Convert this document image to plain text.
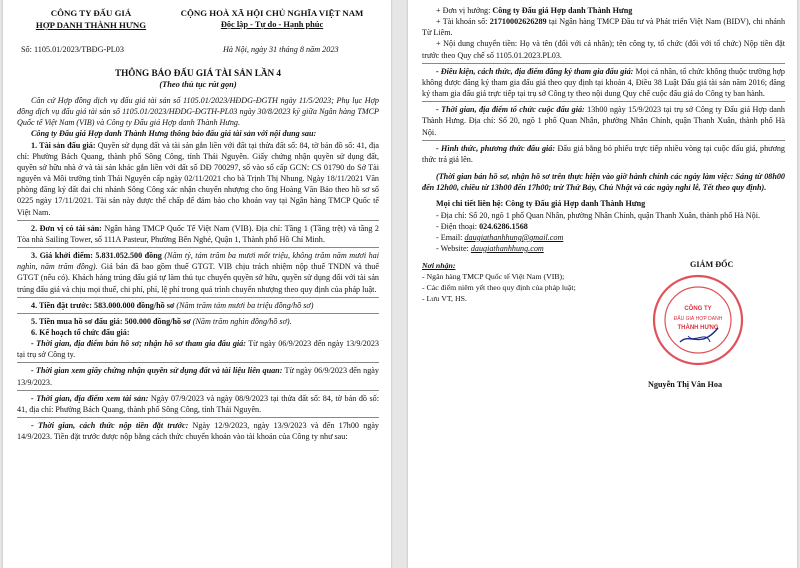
CÔNG TY ĐẤU GIÁ
HỢP DANH THÀNH HƯNG
CỘNG HOÀ XÃ HỘI CHỦ NGHĨA VIỆT NAM
Độc lập - Tự do - Hạnh phúc
Số: 1105.01/2023/TBĐG-PL03	Hà Nội, ngày 31 tháng 8 năm 2023
THÔNG BÁO ĐẤU GIÁ TÀI SẢN LẦN 4
(Theo thủ tục rút gọn)

Căn cứ Hợp đồng dịch vụ đấu giá tài sản số 1105.01/2023/HĐDG-ĐGTH ngày 11/5/2023; Phụ lục Hợp đồng dịch vụ đấu giá tài sản số 1105.01/2023/HĐDG-ĐGTH-PL03 ngày 30/8/2023 ký giữa Ngân hàng TMCP Quốc tế Việt Nam (VIB) và Công ty Đấu giá Hợp danh Thành Hưng.

Công ty Đấu giá Hợp danh Thành Hưng thông báo đấu giá tài sản với nội dung sau:

1. Tài sản đấu giá: Quyền sử dụng đất và tài sản gắn liền với đất tại thửa đất số: 84, tờ bản đồ số: 41, địa chỉ: Phường Bách Quang, thành phố Sông Công, tỉnh Thái Nguyên. Giấy chứng nhận quyền sử dụng đất, quyền sở hữu nhà ở và tài sản khác gắn liền với đất số DĐ 700297, số vào sổ cấp GCN: CS 01790 do Sở Tài nguyên và Môi trường tỉnh Thái Nguyên cấp ngày 02/11/2021 cho bà Trịnh Thị Nhung. Ngày 18/11/2021 Văn phòng đăng ký đất đai chi nhánh Sông Công xác nhận chuyển nhượng cho ông Hoàng Văn Bảo theo hồ sơ số 0225 ngày 17/11/2021. Tài sản này được thế chấp để đảm bảo cho khoản vay tại Ngân hàng TMCP Quốc tế Việt Nam.

2. Đơn vị có tài sản: Ngân hàng TMCP Quốc Tế Việt Nam (VIB). Địa chỉ: Tầng 1 (Tầng trệt) và tầng 2 Tòa nhà Sailing Tower, số 111A Pasteur, Phường Bến Nghé, Quận 1, Thành phố Hồ Chí Minh.

3. Giá khởi điểm: 5.831.052.500 đồng (Năm tỷ, tám trăm ba mươi mốt triệu, không trăm năm mươi hai nghìn, năm trăm đồng). Giá bán đã bao gồm thuế GTGT. VIB chịu trách nhiệm nộp thuế TNDN và thuế GTGT (nếu có). Khách hàng trúng đấu giá tự làm thủ tục chuyển quyền sở hữu, quyền sử dụng đối với tài sản trúng đấu giá và chịu mọi thuế, chi phí, phí, lệ phí trong quá trình chuyển nhượng theo quy định của pháp luật.

4. Tiền đặt trước: 583.000.000 đồng/hồ sơ (Năm trăm tám mươi ba triệu đồng/hồ sơ)

5. Tiền mua hồ sơ đấu giá: 500.000 đồng/hồ sơ (Năm trăm nghìn đồng/hồ sơ).

6. Kế hoạch tổ chức đấu giá:

- Thời gian, địa điểm bán hồ sơ; nhận hồ sơ tham gia đấu giá: Từ ngày 06/9/2023 đến ngày 13/9/2023 tại trụ sở Công ty.

- Thời gian xem giấy chứng nhận quyền sử dụng đất và tài liệu liên quan: Từ ngày 06/9/2023 đến ngày 13/9/2023.

- Thời gian, địa điểm xem tài sản: Ngày 07/9/2023 và ngày 08/9/2023 tại thửa đất số: 84, tờ bản đồ số: 41, địa chỉ: Phường Bách Quang, thành phố Sông Công, tỉnh Thái Nguyên.

- Thời gian, cách thức nộp tiền đặt trước: Ngày 12/9/2023, ngày 13/9/2023 và đến 17h00 ngày 14/9/2023. Tiền đặt trước được nộp bằng cách thức chuyển khoản vào tài khoản của Công ty như sau:

+ Đơn vị hưởng: Công ty Đấu giá Hợp danh Thành Hưng

+ Tài khoản số: 21710002626289 tại Ngân hàng TMCP Đầu tư và Phát triển Việt Nam (BIDV), chi nhánh Từ Liêm.

+ Nội dung chuyển tiền: Họ và tên (đối với cá nhân); tên công ty, tổ chức (đối với tổ chức) Nộp tiền đặt trước theo Quy chế số 1105.01.2023.PL03.

- Điều kiện, cách thức, địa điểm đăng ký tham gia đấu giá: Mọi cá nhân, tổ chức không thuộc trường hợp không được đăng ký tham gia đấu giá theo quy định tại khoản 4, Điều 38 Luật Đấu giá tài sản năm 2016; đăng ký tham gia đấu giá trực tiếp tại trụ sở Công ty theo nội dung Quy chế cuộc đấu giá do Công ty ban hành.

- Thời gian, địa điểm tổ chức cuộc đấu giá: 13h00 ngày 15/9/2023 tại trụ sở Công ty Đấu giá Hợp danh Thành Hưng. Địa chỉ: Số 20, ngõ 1 phố Quan Nhân, phường Nhân Chính, quận Thanh Xuân, thành phố Hà Nội.

- Hình thức, phương thức đấu giá: Đấu giá bằng bỏ phiếu trực tiếp nhiều vòng tại cuộc đấu giá, phương thức trả giá lên.

(Thời gian bán hồ sơ, nhận hồ sơ trên thực hiện vào giờ hành chính các ngày làm việc: Sáng từ 08h00 đến 12h00, chiều từ 13h00 đến 17h00; trừ Thứ Bảy, Chủ Nhật và các ngày nghỉ lễ, Tết theo quy định).

Mọi chi tiết liên hệ: Công ty Đấu giá Hợp danh Thành Hưng

- Địa chỉ: Số 20, ngõ 1 phố Quan Nhân, phường Nhân Chính, quận Thanh Xuân, thành phố Hà Nội.

- Điện thoại: 024.6286.1568

- Email: daugiathanhhung@gmail.com

- Website: daugiathanhhung.com

Nơi nhận:
- Ngân hàng TMCP Quốc tế Việt Nam (VIB);
- Các điểm niêm yết theo quy định của pháp luật;
- Lưu VT, HS.
CÔNG TY
ĐẤU GIÁ HỢP DANH
THÀNH HƯNG
GIÁM ĐỐC
Nguyễn Thị Vân Hoa
